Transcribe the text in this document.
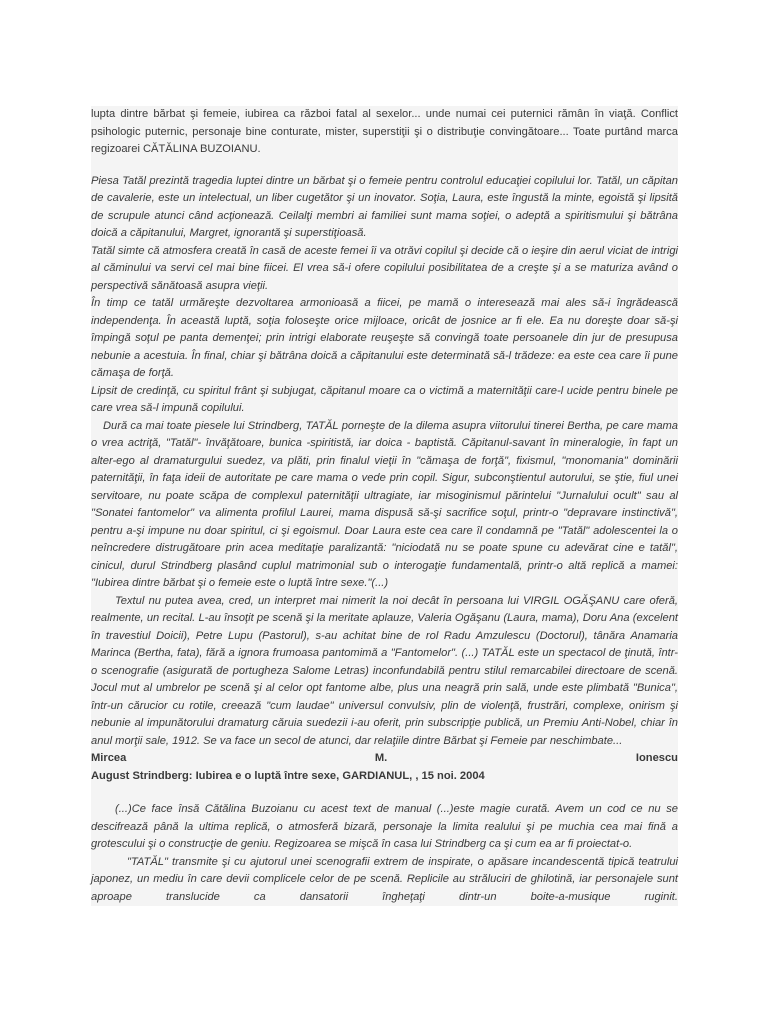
lupta dintre bărbat şi femeie, iubirea ca război fatal al sexelor... unde numai cei puternici rămân în viaţă. Conflict psihologic puternic, personaje bine conturate, mister, superstiţii şi o distribuţie convingătoare... Toate purtând marca regizoarei CĂTĂLINA BUZOIANU.

Piesa Tatăl prezintă tragedia luptei dintre un bărbat şi o femeie pentru controlul educaţiei copilului lor. Tatăl, un căpitan de cavalerie, este un intelectual, un liber cugetător şi un inovator. Soţia, Laura, este îngustă la minte, egoistă şi lipsită de scrupule atunci când acţionează. Ceilalţi membri ai familiei sunt mama soţiei, o adeptă a spiritismului şi bătrâna doică a căpitanului, Margret, ignorantă şi superstiţioasă.

Tatăl simte că atmosfera creată în casă de aceste femei îi va otrăvi copilul şi decide că o ieşire din aerul viciat de intrigi al căminului va servi cel mai bine fiicei. El vrea să-i ofere copilului posibilitatea de a creşte şi a se maturiza având o perspectivă sănătoasă asupra vieţii.

În timp ce tatăl urmăreşte dezvoltarea armonioasă a fiicei, pe mamă o interesează mai ales să-i îngrădească independenţa. În această luptă, soţia foloseşte orice mijloace, oricât de josnice ar fi ele. Ea nu doreşte doar să-şi împingă soţul pe panta demenţei; prin intrigi elaborate reuşeşte să convingă toate persoanele din jur de presupusa nebunie a acestuia. În final, chiar şi bătrâna doică a căpitanului este determinată să-l trădeze: ea este cea care îi pune cămaşa de forţă.

Lipsit de credinţă, cu spiritul frânt şi subjugat, căpitanul moare ca o victimă a maternităţii care-l ucide pentru binele pe care vrea să-l impună copilului.

Dură ca mai toate piesele lui Strindberg, TATĂL porneşte de la dilema asupra viitorului tinerei Bertha, pe care mama o vrea actriţă, "Tatăl"- învăţătoare, bunica -spiritistă, iar doica - baptistă. Căpitanul-savant în mineralogie, în fapt un alter-ego al dramaturgului suedez, va plăti, prin finalul vieţii în "cămaşa de forţă", fixismul, "monomania" dominării paternităţii, în faţa ideii de autoritate pe care mama o vede prin copil. Sigur, subconştientul autorului, se ştie, fiul unei servitoare, nu poate scăpa de complexul paternităţii ultragiate, iar misoginismul părintelui "Jurnalului ocult" sau al "Sonatei fantomelor" va alimenta profilul Laurei, mama dispusă să-şi sacrifice soţul, printr-o "depravare instinctivă", pentru a-şi impune nu doar spiritul, ci şi egoismul. Doar Laura este cea care îl condamnă pe "Tatăl" adolescentei la o neîncredere distrugătoare prin acea meditaţie paralizantă: "niciodată nu se poate spune cu adevărat cine e tatăl", cinicul, durul Strindberg plasând cuplul matrimonial sub o interogaţie fundamentală, printr-o altă replică a mamei: "Iubirea dintre bărbat şi o femeie este o luptă între sexe."(...)

Textul nu putea avea, cred, un interpret mai nimerit la noi decât în persoana lui VIRGIL OGĂŞANU care oferă, realmente, un recital. L-au însoţit pe scenă şi la meritate aplauze, Valeria Ogăşanu (Laura, mama), Doru Ana (excelent în travestiul Doicii), Petre Lupu (Pastorul), s-au achitat bine de rol Radu Amzulescu (Doctorul), tânăra Anamaria Marinca (Bertha, fata), fără a ignora frumoasa pantomimă a "Fantomelor". (...) TATĂL este un spectacol de ţinută, într-o scenografie (asigurată de portugheza Salome Letras) inconfundabilă pentru stilul remarcabilei directoare de scenă. Jocul mut al umbrelor pe scenă şi al celor opt fantome albe, plus una neagră prin sală, unde este plimbată "Bunica", într-un cărucior cu rotile, creează "cum laudae" universul convulsiv, plin de violenţă, frustrări, complexe, onirism şi nebunie al impunătorului dramaturg căruia suedezii i-au oferit, prin subscripţie publică, un Premiu Anti-Nobel, chiar în anul morţii sale, 1912. Se va face un secol de atunci, dar relaţiile dintre Bărbat şi Femeie par neschimbate...

Mircea	M.	Ionescu

August Strindberg: Iubirea e o luptă între sexe, GARDIANUL, , 15 noi. 2004

(...)Ce face însă Cătălina Buzoianu cu acest text de manual (...)este magie curată. Avem un cod ce nu se descifrează până la ultima replică, o atmosferă bizară, personaje la limita realului şi pe muchia cea mai fină a grotescului şi o construcţie de geniu. Regizoarea se mişcă în casa lui Strindberg ca şi cum ea ar fi proiectat-o.

"TATĂL" transmite şi cu ajutorul unei scenografii extrem de inspirate, o apăsare incandescentă tipică teatrului japonez, un mediu în care devii complicele celor de pe scenă. Replicile au străluciri de ghilotină, iar personajele sunt aproape translucide ca dansatorii îngheţaţi dintr-un boite-a-musique ruginit.
